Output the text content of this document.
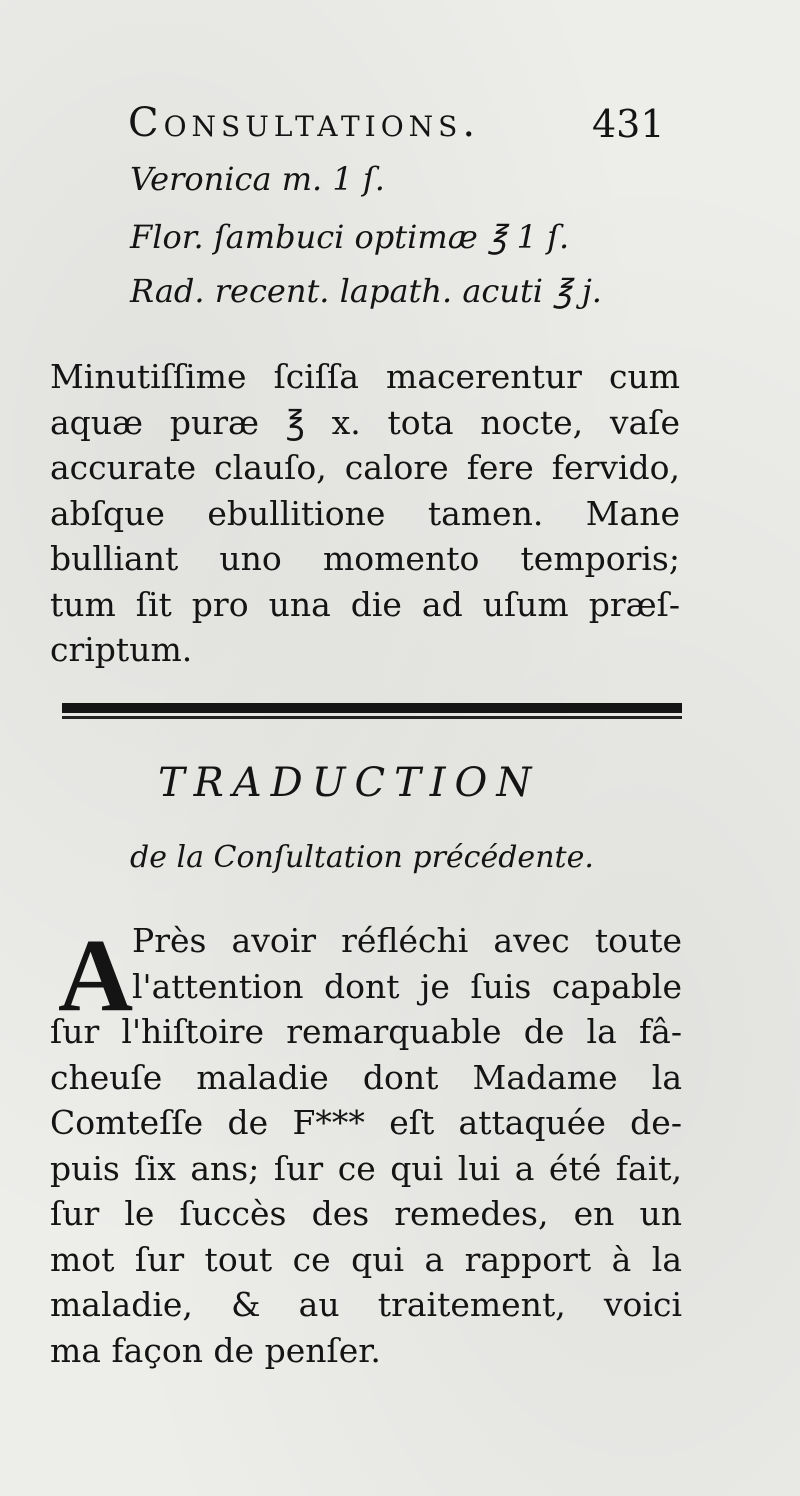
Consultations.	431
Veronica m. 1 ſ.
Flor. ſambuci optimæ ℥ 1 ſ.
Rad. recent. lapath. acuti ℥ j.
Minutiſſime ſciſſa macerentur cum
aquæ puræ ℥ x. tota nocte, vaſe
accurate clauſo, calore fere fervido,
abſque ebullitione tamen. Mane
bulliant uno momento temporis;
tum ſit pro una die ad uſum præſ-
criptum.
TRADUCTION
de la Conſultation précédente.
A
Près avoir réfléchi avec toute
l'attention dont je ſuis capable
ſur l'hiſtoire remarquable de la fâ-
cheuſe maladie dont Madame la
Comteſſe de F*** eſt attaquée de-
puis ſix ans; ſur ce qui lui a été fait,
ſur le ſuccès des remedes, en un
mot ſur tout ce qui a rapport à la
maladie, & au traitement, voici
ma façon de penſer.
